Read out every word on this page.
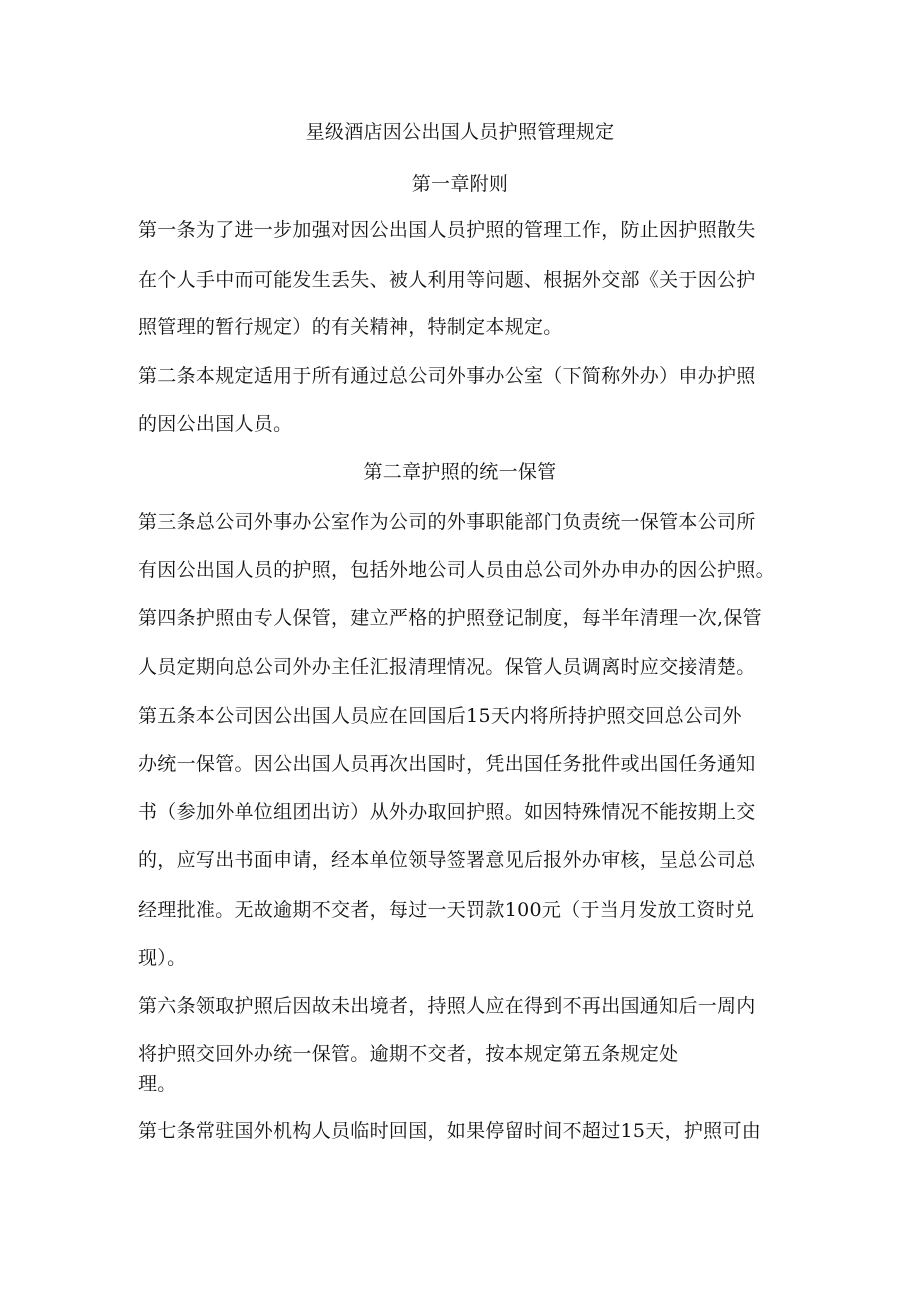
星级酒店因公出国人员护照管理规定
第一章附则
第一条为了进一步加强对因公出国人员护照的管理工作，防止因护照散失
在个人手中而可能发生丢失、被人利用等问题、根据外交部《关于因公护
照管理的暂行规定）的有关精神，特制定本规定。
第二条本规定适用于所有通过总公司外事办公室（下简称外办）申办护照
的因公出国人员。
第二章护照的统一保管
第三条总公司外事办公室作为公司的外事职能部门负责统一保管本公司所
有因公出国人员的护照，包括外地公司人员由总公司外办申办的因公护照。
第四条护照由专人保管，建立严格的护照登记制度，每半年清理一次,保管
人员定期向总公司外办主任汇报清理情况。保管人员调离时应交接清楚。
第五条本公司因公出国人员应在回国后15天内将所持护照交回总公司外
办统一保管。因公出国人员再次出国时，凭出国任务批件或出国任务通知
书（参加外单位组团出访）从外办取回护照。如因特殊情况不能按期上交
的，应写出书面申请，经本单位领导签署意见后报外办审核，呈总公司总
经理批准。无故逾期不交者，每过一天罚款100元（于当月发放工资时兑
现）。
第六条领取护照后因故未出境者，持照人应在得到不再出国通知后一周内
将护照交回外办统一保管。逾期不交者，按本规定第五条规定处
理。
第七条常驻国外机构人员临时回国，如果停留时间不超过15天，护照可由
